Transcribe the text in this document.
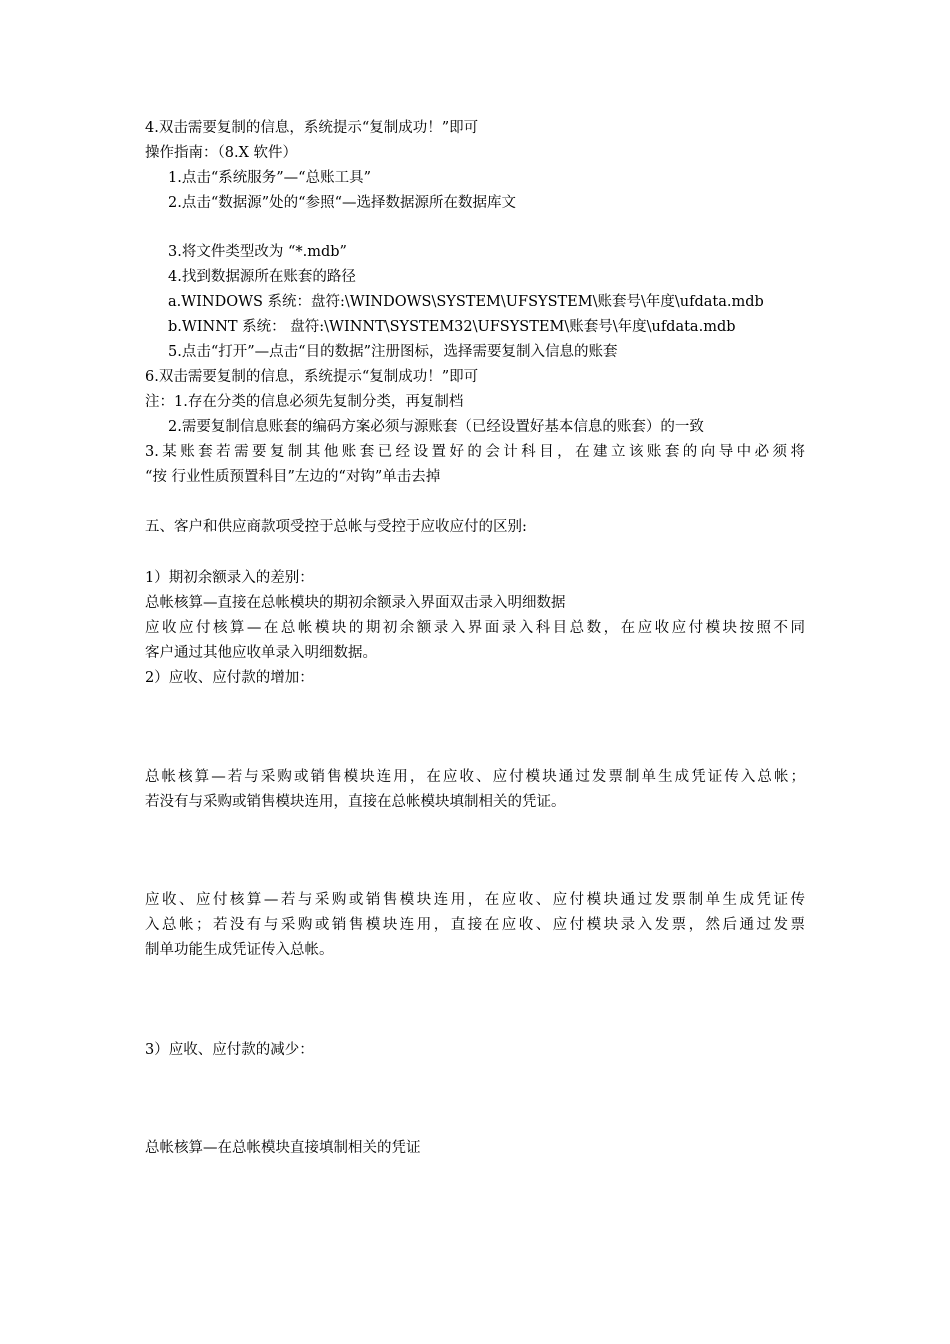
4.双击需要复制的信息，系统提示“复制成功！”即可
操作指南：（8.X 软件）
1.点击“系统服务”—“总账工具”
2.点击“数据源”处的“参照“—选择数据源所在数据库文
3.将文件类型改为 “*.mdb”
4.找到数据源所在账套的路径
a.WINDOWS 系统：盘符:\WINDOWS\SYSTEM\UFSYSTEM\账套号\年度\ufdata.mdb
b.WINNT 系统： 盘符:\WINNT\SYSTEM32\UFSYSTEM\账套号\年度\ufdata.mdb
5.点击“打开”—点击“目的数据”注册图标，选择需要复制入信息的账套
6.双击需要复制的信息，系统提示“复制成功！”即可
注：1.存在分类的信息必须先复制分类，再复制档
2.需要复制信息账套的编码方案必须与源账套（已经设置好基本信息的账套）的一致
3.某账套若需要复制其他账套已经设置好的会计科目，在建立该账套的向导中必须将
“按 行业性质预置科目”左边的“对钩”单击去掉
五、客户和供应商款项受控于总帐与受控于应收应付的区别:
1）期初余额录入的差别：
总帐核算—直接在总帐模块的期初余额录入界面双击录入明细数据
应收应付核算—在总帐模块的期初余额录入界面录入科目总数，在应收应付模块按照不同
客户通过其他应收单录入明细数据。
2）应收、应付款的增加：
总帐核算—若与采购或销售模块连用，在应收、应付模块通过发票制单生成凭证传入总帐；
若没有与采购或销售模块连用，直接在总帐模块填制相关的凭证。
应收、应付核算—若与采购或销售模块连用，在应收、应付模块通过发票制单生成凭证传
入总帐；若没有与采购或销售模块连用，直接在应收、应付模块录入发票，然后通过发票
制单功能生成凭证传入总帐。
3）应收、应付款的减少：
总帐核算—在总帐模块直接填制相关的凭证
